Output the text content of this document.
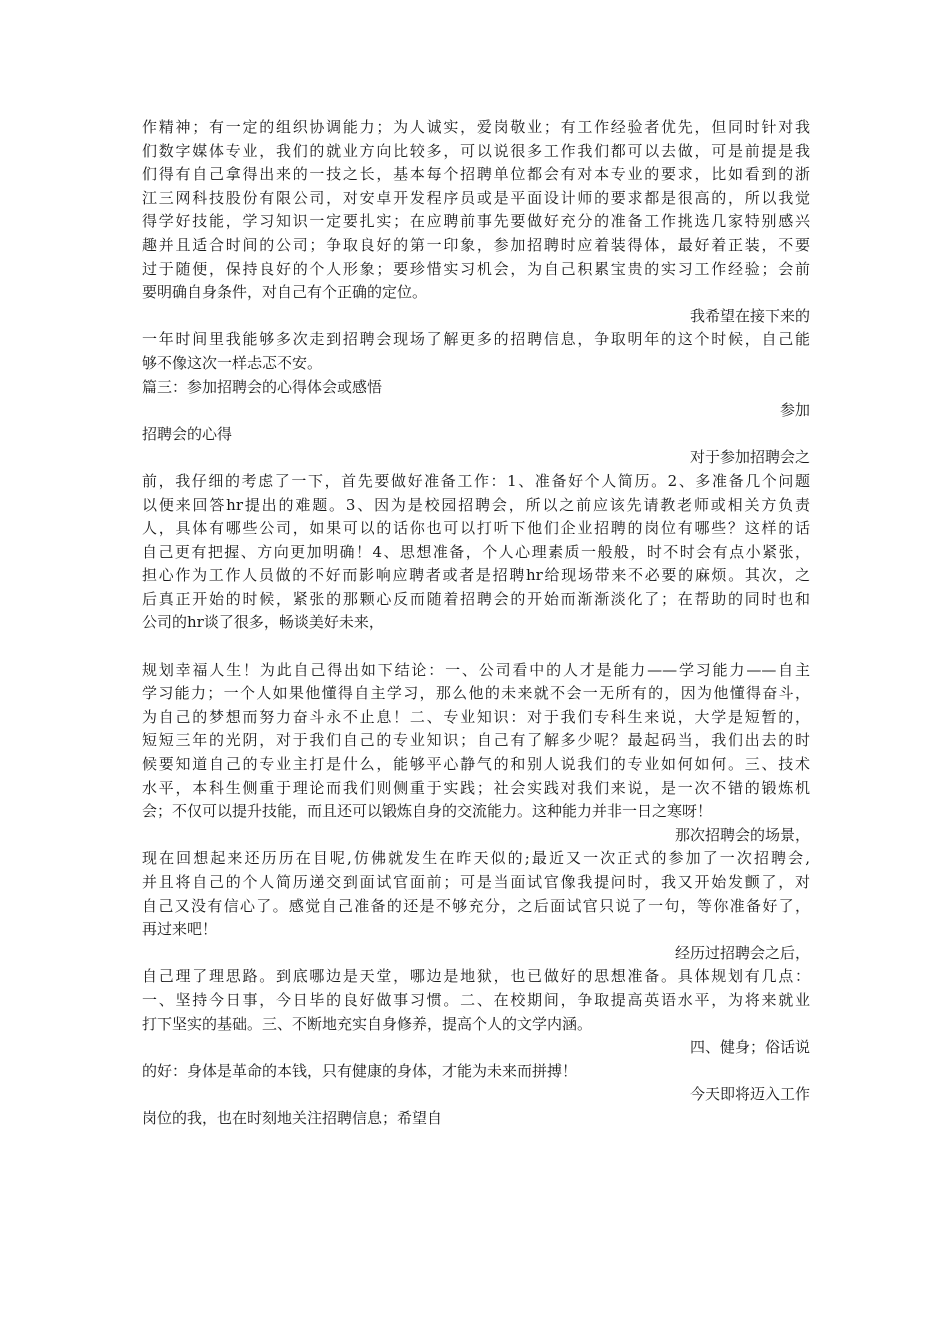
作精神；有一定的组织协调能力；为人诚实，爱岗敬业；有工作经验者优先，但同时针对我
们数字媒体专业，我们的就业方向比较多，可以说很多工作我们都可以去做，可是前提是我
们得有自己拿得出来的一技之长，基本每个招聘单位都会有对本专业的要求，比如看到的浙
江三网科技股份有限公司，对安卓开发程序员或是平面设计师的要求都是很高的，所以我觉
得学好技能，学习知识一定要扎实；在应聘前事先要做好充分的准备工作挑选几家特别感兴
趣并且适合时间的公司；争取良好的第一印象，参加招聘时应着装得体，最好着正装，不要
过于随便，保持良好的个人形象；要珍惜实习机会，为自己积累宝贵的实习工作经验；会前
要明确自身条件，对自己有个正确的定位。
我希望在接下来的
一年时间里我能够多次走到招聘会现场了解更多的招聘信息，争取明年的这个时候，自己能
够不像这次一样忐忑不安。
篇三：参加招聘会的心得体会或感悟
参加
招聘会的心得
对于参加招聘会之
前，我仔细的考虑了一下，首先要做好准备工作：1、准备好个人简历。2、多准备几个问题
以便来回答hr提出的难题。3、因为是校园招聘会，所以之前应该先请教老师或相关方负责
人，具体有哪些公司，如果可以的话你也可以打听下他们企业招聘的岗位有哪些？这样的话
自己更有把握、方向更加明确！4、思想准备，个人心理素质一般般，时不时会有点小紧张，
担心作为工作人员做的不好而影响应聘者或者是招聘hr给现场带来不必要的麻烦。其次，之
后真正开始的时候，紧张的那颗心反而随着招聘会的开始而渐渐淡化了；在帮助的同时也和
公司的hr谈了很多，畅谈美好未来，
规划幸福人生！为此自己得出如下结论：一、公司看中的人才是能力——学习能力——自主
学习能力；一个人如果他懂得自主学习，那么他的未来就不会一无所有的，因为他懂得奋斗，
为自己的梦想而努力奋斗永不止息！二、专业知识：对于我们专科生来说，大学是短暂的，
短短三年的光阴，对于我们自己的专业知识；自己有了解多少呢？最起码当，我们出去的时
候要知道自己的专业主打是什么，能够平心静气的和别人说我们的专业如何如何。三、技术
水平，本科生侧重于理论而我们则侧重于实践；社会实践对我们来说，是一次不错的锻炼机
会；不仅可以提升技能，而且还可以锻炼自身的交流能力。这种能力并非一日之寒呀！
那次招聘会的场景，
现在回想起来还历历在目呢,仿佛就发生在昨天似的;最近又一次正式的参加了一次招聘会,
并且将自己的个人简历递交到面试官面前；可是当面试官像我提问时，我又开始发颤了，对
自己又没有信心了。感觉自己准备的还是不够充分，之后面试官只说了一句，等你准备好了，
再过来吧！
经历过招聘会之后，
自己理了理思路。到底哪边是天堂，哪边是地狱，也已做好的思想准备。具体规划有几点：
一、坚持今日事，今日毕的良好做事习惯。二、在校期间，争取提高英语水平，为将来就业
打下坚实的基础。三、不断地充实自身修养，提高个人的文学内涵。
四、健身；俗话说
的好：身体是革命的本钱，只有健康的身体，才能为未来而拼搏！
今天即将迈入工作
岗位的我，也在时刻地关注招聘信息；希望自
